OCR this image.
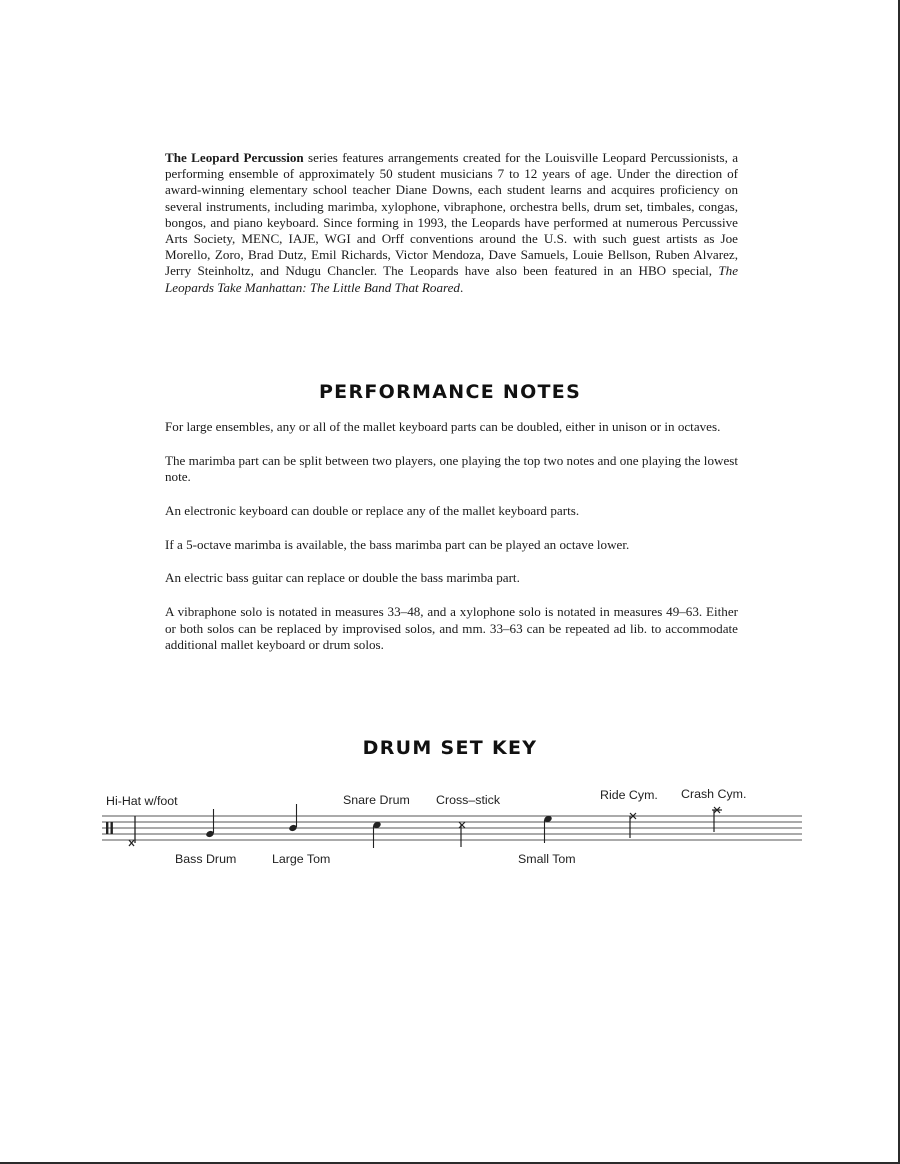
The Leopard Percussion series features arrangements created for the Louisville Leopard Percussionists, a performing ensemble of approximately 50 student musicians 7 to 12 years of age. Under the direction of award-winning elementary school teacher Diane Downs, each student learns and acquires proficiency on several instruments, including marimba, xylophone, vibraphone, orchestra bells, drum set, timbales, congas, bongos, and piano keyboard. Since forming in 1993, the Leopards have performed at numerous Percussive Arts Society, MENC, IAJE, WGI and Orff conventions around the U.S. with such guest artists as Joe Morello, Zoro, Brad Dutz, Emil Richards, Victor Mendoza, Dave Samuels, Louie Bellson, Ruben Alvarez, Jerry Steinholtz, and Ndugu Chancler. The Leopards have also been featured in an HBO special, The Leopards Take Manhattan: The Little Band That Roared.

PERFORMANCE NOTES

For large ensembles, any or all of the mallet keyboard parts can be doubled, either in unison or in octaves.

The marimba part can be split between two players, one playing the top two notes and one playing the lowest note.

An electronic keyboard can double or replace any of the mallet keyboard parts.

If a 5-octave marimba is available, the bass marimba part can be played an octave lower.

An electric bass guitar can replace or double the bass marimba part.

A vibraphone solo is notated in measures 33–48, and a xylophone solo is notated in measures 49–63. Either or both solos can be replaced by improvised solos, and mm. 33–63 can be repeated ad lib. to accommodate additional mallet keyboard or drum solos.

DRUM SET KEY
Hi-Hat w/foot
Bass Drum	Large Tom
Snare Drum Cross–stick
Small Tom
Ride Cym. Crash Cym.
